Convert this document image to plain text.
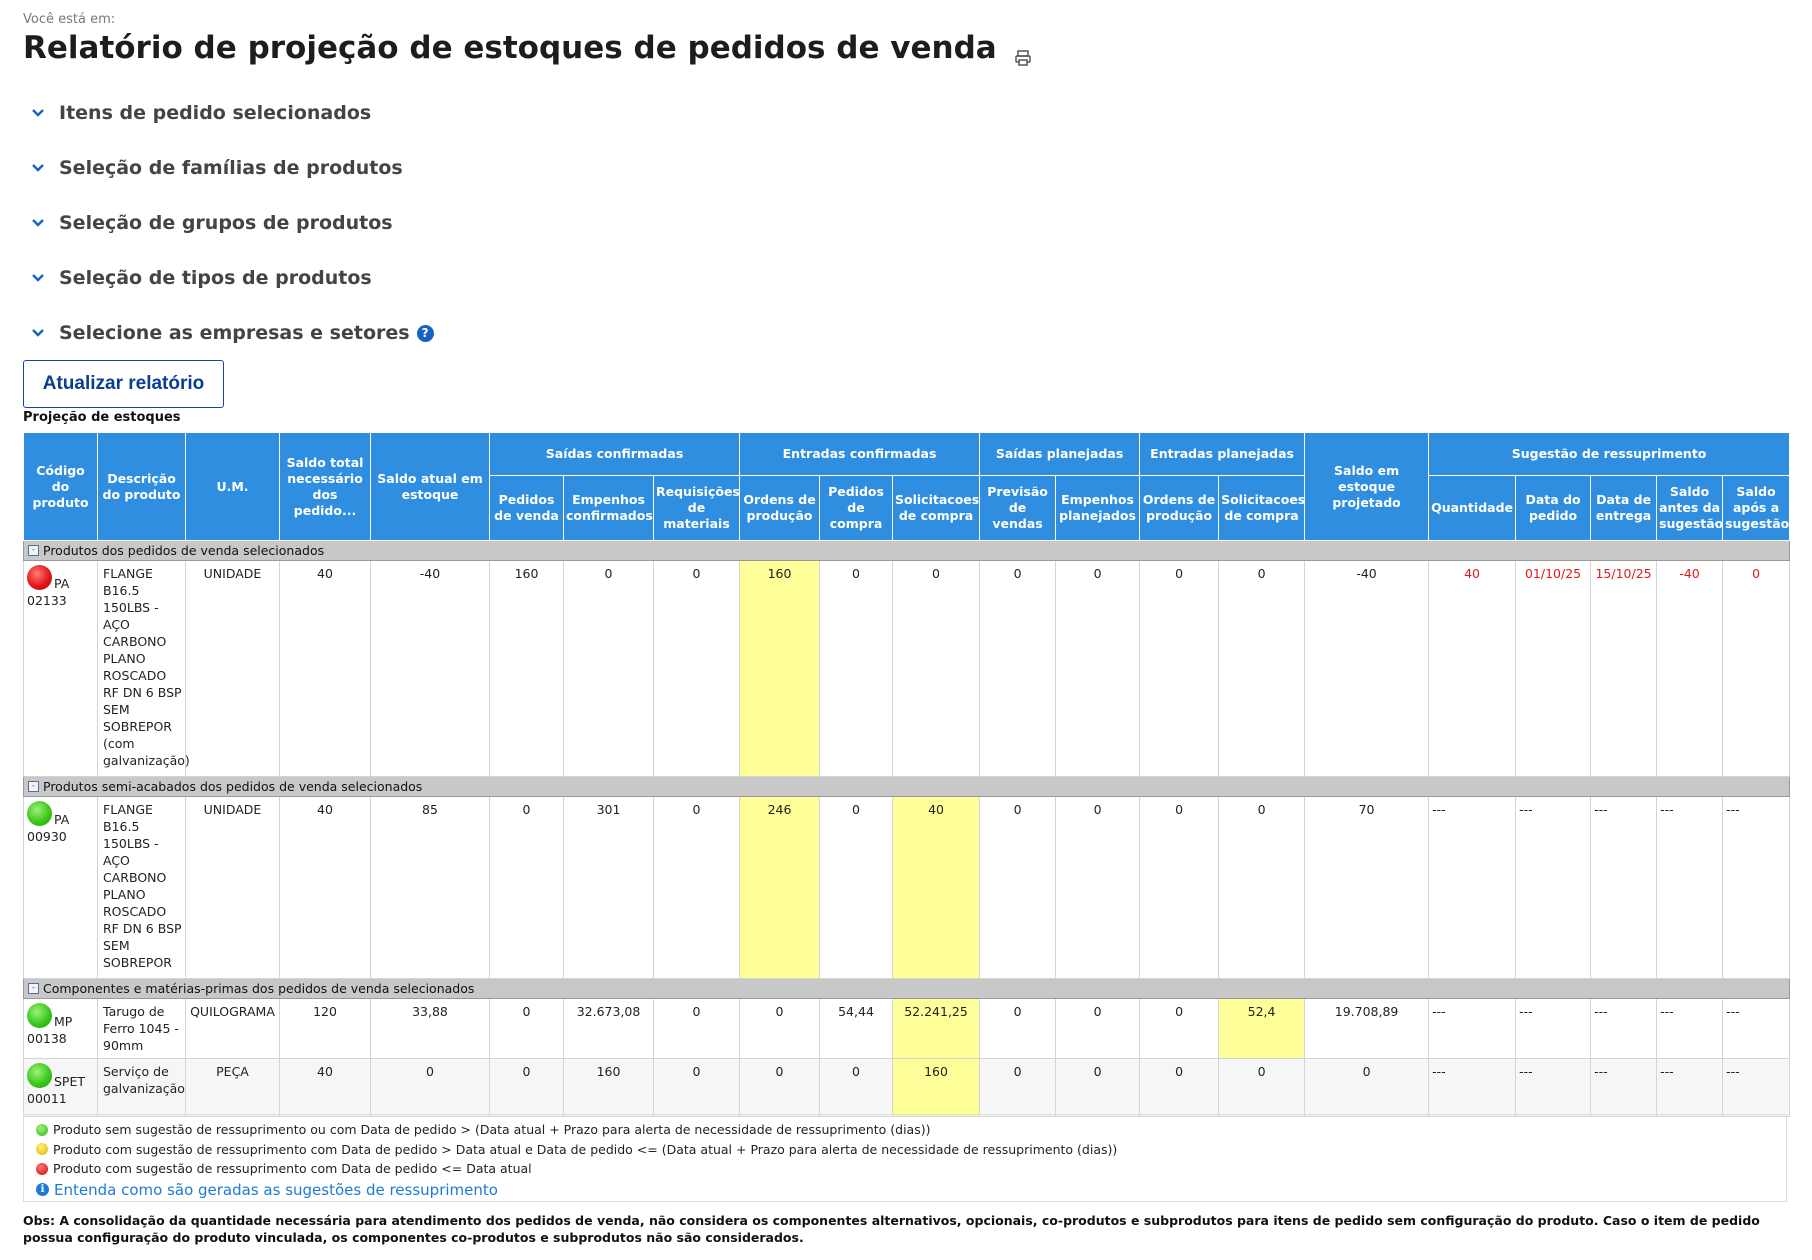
Você está em:
Relatório de projeção de estoques de pedidos de venda
Itens de pedido selecionados
Seleção de famílias de produtos
Seleção de grupos de produtos
Seleção de tipos de produtos
Selecione as empresas e setores	?
Atualizar relatório
Projeção de estoques
Código do produto	Descrição do produto	U.M.	Saldo total necessário dos pedido...	Saldo atual em estoque	Saídas confirmadas			Entradas confirmadas			Saídas planejadas		Entradas planejadas		Saldo em estoque projetado	Sugestão de ressuprimento				
					Pedidos de venda	Empenhos confirmados	Requisições de materiais	Ordens de produção	Pedidos de compra	Solicitacoes de compra	Previsão de vendas	Empenhos planejados	Ordens de produção	Solicitacoes de compra		Quantidade	Data do pedido	Data de entrega	Saldo antes da sugestão	Saldo após a sugestão
- Produtos dos pedidos de venda selecionados																				
PA
02133	FLANGE B16.5 150LBS - AÇO CARBONO PLANO ROSCADO RF DN 6 BSP SEM SOBREPOR (com galvanização)	UNIDADE	40	-40	160	0	0	160	0	0	0	0	0	0	-40	40	01/10/25	15/10/25	-40	0
- Produtos semi-acabados dos pedidos de venda selecionados																				
PA
00930	FLANGE B16.5 150LBS - AÇO CARBONO PLANO ROSCADO RF DN 6 BSP SEM SOBREPOR	UNIDADE	40	85	0	301	0	246	0	40	0	0	0	0	70	---	---	---	---	---
- Componentes e matérias-primas dos pedidos de venda selecionados																				
MP
00138	Tarugo de Ferro 1045 - 90mm	QUILOGRAMA	120	33,88	0	32.673,08	0	0	54,44	52.241,25	0	0	0	52,4	19.708,89	---	---	---	---	---
SPET
00011	Serviço de galvanização	PEÇA	40	0	0	160	0	0	0	160	0	0	0	0	0	---	---	---	---	---
Produto sem sugestão de ressuprimento ou com Data de pedido > (Data atual + Prazo para alerta de necessidade de ressuprimento (dias))
Produto com sugestão de ressuprimento com Data de pedido > Data atual e Data de pedido <= (Data atual + Prazo para alerta de necessidade de ressuprimento (dias))
Produto com sugestão de ressuprimento com Data de pedido <= Data atual
i Entenda como são geradas as sugestões de ressuprimento
Obs: A consolidação da quantidade necessária para atendimento dos pedidos de venda, não considera os componentes alternativos, opcionais, co-produtos e subprodutos para itens de pedido sem configuração do produto. Caso o item de pedido possua configuração do produto vinculada, os componentes co-produtos e subprodutos não são considerados.
